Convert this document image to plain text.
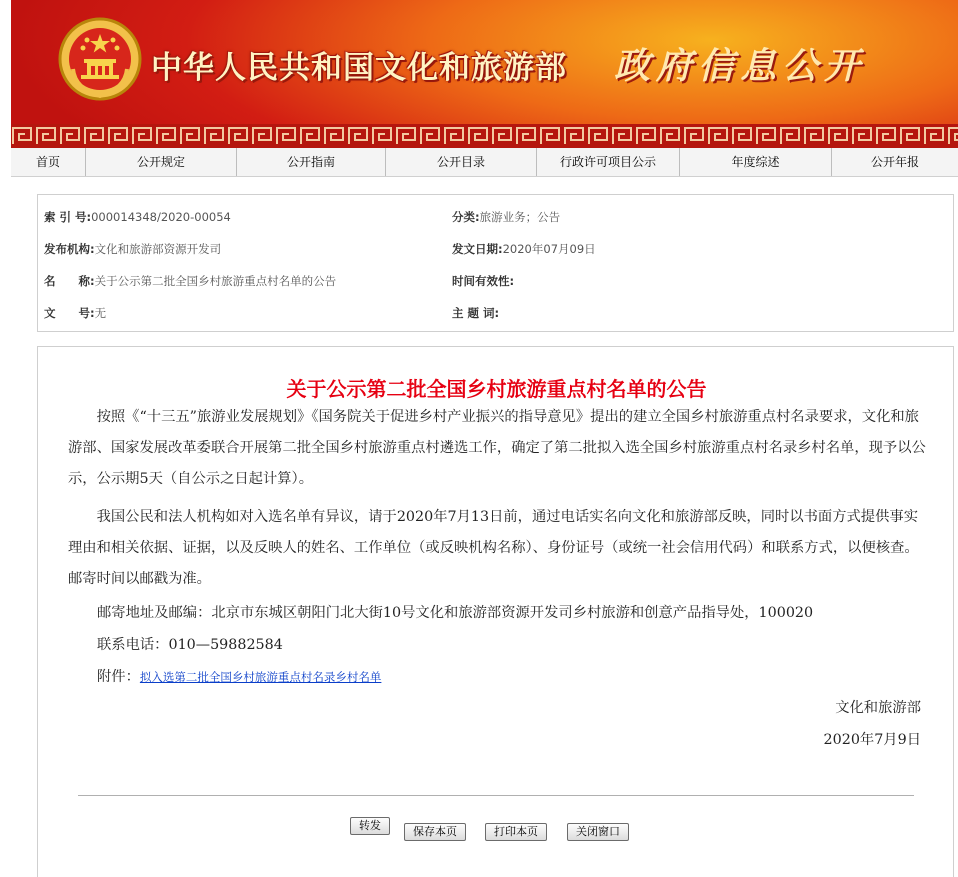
中华人民共和国文化和旅游部 政府信息公开
首页	公开规定	公开指南	公开目录	行政许可项目公示	年度综述	公开年报
索 引 号:000014348/2020-00054	分类:旅游业务；公告
发布机构:文化和旅游部资源开发司	发文日期:2020年07月09日
名　　称:关于公示第二批全国乡村旅游重点村名单的公告	时间有效性:
文　　号:无	主 题 词:
关于公示第二批全国乡村旅游重点村名单的公告
按照《“十三五”旅游业发展规划》《国务院关于促进乡村产业振兴的指导意见》提出的建立全国乡村旅游重点村名录要求，文化和旅游部、国家发展改革委联合开展第二批全国乡村旅游重点村遴选工作，确定了第二批拟入选全国乡村旅游重点村名录乡村名单，现予以公示，公示期5天（自公示之日起计算）。
我国公民和法人机构如对入选名单有异议，请于2020年7月13日前，通过电话实名向文化和旅游部反映，同时以书面方式提供事实理由和相关依据、证据，以及反映人的姓名、工作单位（或反映机构名称）、身份证号（或统一社会信用代码）和联系方式，以便核查。邮寄时间以邮戳为准。
邮寄地址及邮编：北京市东城区朝阳门北大街10号文化和旅游部资源开发司乡村旅游和创意产品指导处，100020
联系电话：010—59882584
附件：拟入选第二批全国乡村旅游重点村名录乡村名单
文化和旅游部
2020年7月9日
转发	保存本页	打印本页	关闭窗口
